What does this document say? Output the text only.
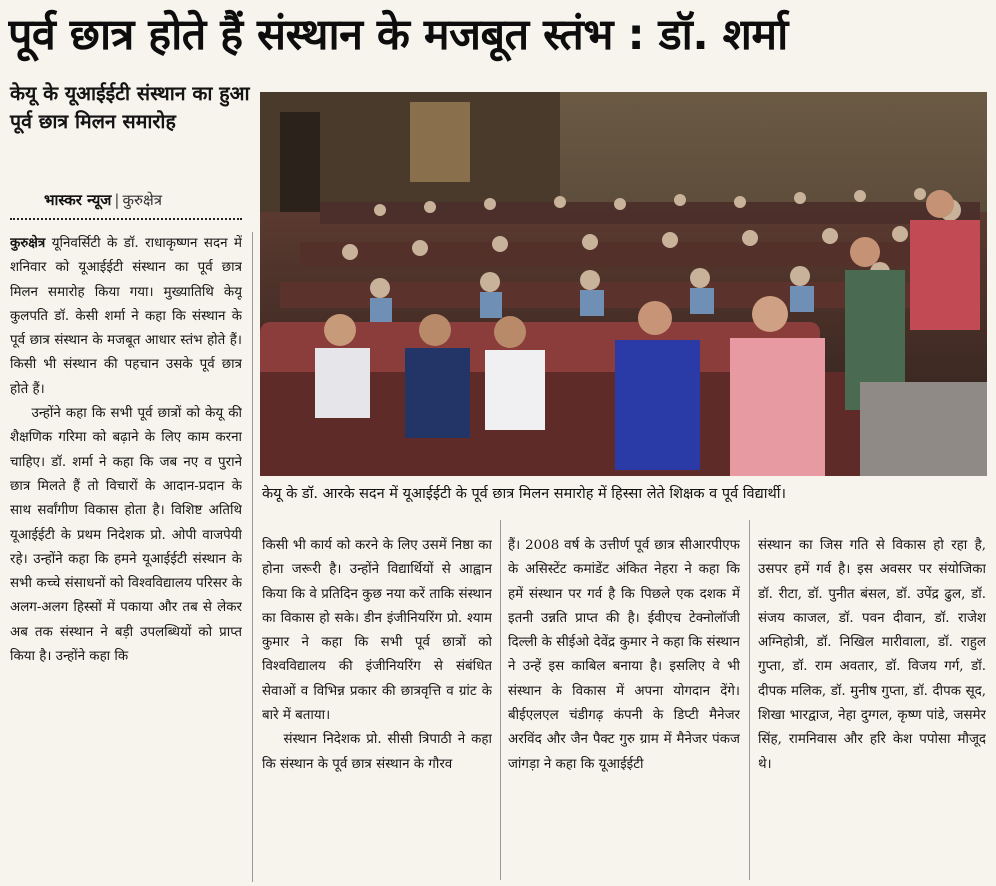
पूर्व छात्र होते हैं संस्थान के मजबूत स्तंभ : डॉ. शर्मा
केयू के यूआईईटी संस्थान का हुआ पूर्व छात्र मिलन समारोह
भास्कर न्यूज | कुरुक्षेत्र
केयू के डॉ. आरके सदन में यूआईईटी के पूर्व छात्र मिलन समारोह में हिस्सा लेते शिक्षक व पूर्व विद्यार्थी।

कुरुक्षेत्र यूनिवर्सिटी के डॉ. राधाकृष्णन सदन में शनिवार को यूआईईटी संस्थान का पूर्व छात्र मिलन समारोह किया गया। मुख्यातिथि केयू कुलपति डॉ. केसी शर्मा ने कहा कि संस्थान के पूर्व छात्र संस्थान के मजबूत आधार स्तंभ होते हैं। किसी भी संस्थान की पहचान उसके पूर्व छात्र होते हैं।

उन्होंने कहा कि सभी पूर्व छात्रों को केयू की शैक्षणिक गरिमा को बढ़ाने के लिए काम करना चाहिए। डॉ. शर्मा ने कहा कि जब नए व पुराने छात्र मिलते हैं तो विचारों के आदान-प्रदान के साथ सर्वांगीण विकास होता है। विशिष्ट अतिथि यूआईईटी के प्रथम निदेशक प्रो. ओपी वाजपेयी रहे। उन्होंने कहा कि हमने यूआईईटी संस्थान के सभी कच्चे संसाधनों को विश्वविद्यालय परिसर के अलग-अलग हिस्सों में पकाया और तब से लेकर अब तक संस्थान ने बड़ी उपलब्धियों को प्राप्त किया है। उन्होंने कहा कि

किसी भी कार्य को करने के लिए उसमें निष्ठा का होना जरूरी है। उन्होंने विद्यार्थियों से आह्वान किया कि वे प्रतिदिन कुछ नया करें ताकि संस्थान का विकास हो सके। डीन इंजीनियरिंग प्रो. श्याम कुमार ने कहा कि सभी पूर्व छात्रों को विश्वविद्यालय की इंजीनियरिंग से संबंधित सेवाओं व विभिन्न प्रकार की छात्रवृत्ति व ग्रांट के बारे में बताया।

संस्थान निदेशक प्रो. सीसी त्रिपाठी ने कहा कि संस्थान के पूर्व छात्र संस्थान के गौरव

हैं। 2008 वर्ष के उत्तीर्ण पूर्व छात्र सीआरपीएफ के असिस्टेंट कमांडेंट अंकित नेहरा ने कहा कि हमें संस्थान पर गर्व है कि पिछले एक दशक में इतनी उन्नति प्राप्त की है। ईवीएच टेक्नोलॉजी दिल्ली के सीईओ देवेंद्र कुमार ने कहा कि संस्थान ने उन्हें इस काबिल बनाया है। इसलिए वे भी संस्थान के विकास में अपना योगदान देंगे। बीईएलएल चंडीगढ़ कंपनी के डिप्टी मैनेजर अरविंद और जैन पैक्ट गुरु ग्राम में मैनेजर पंकज जांगड़ा ने कहा कि यूआईईटी

संस्थान का जिस गति से विकास हो रहा है, उसपर हमें गर्व है। इस अवसर पर संयोजिका डॉ. रीटा, डॉ. पुनीत बंसल, डॉ. उपेंद्र ढुल, डॉ. संजय काजल, डॉ. पवन दीवान, डॉ. राजेश अग्निहोत्री, डॉ. निखिल मारीवाला, डॉ. राहुल गुप्ता, डॉ. राम अवतार, डॉ. विजय गर्ग, डॉ. दीपक मलिक, डॉ. मुनीष गुप्ता, डॉ. दीपक सूद, शिखा भारद्वाज, नेहा दुग्गल, कृष्ण पांडे, जसमेर सिंह, रामनिवास और हरि केश पपोसा मौजूद थे।
